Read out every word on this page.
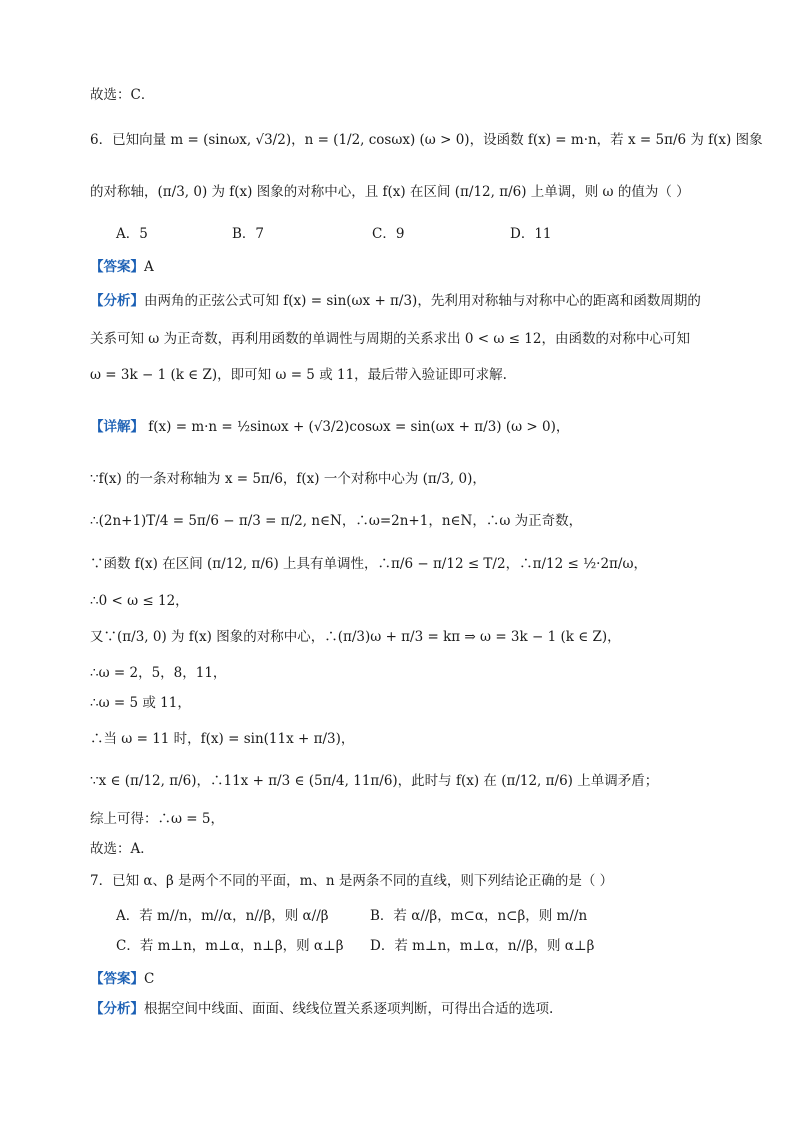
故选：C．
6．已知向量 m = (sinωx, √3/2)，n = (1/2, cosωx) (ω > 0)，设函数 f(x) = m·n，若 x = 5π/6 为 f(x) 图象
的对称轴，(π/3, 0) 为 f(x) 图象的对称中心，且 f(x) 在区间 (π/12, π/6) 上单调，则 ω 的值为（ ）
A．5	B．7	C．9	D．11
【答案】A
【分析】由两角的正弦公式可知 f(x) = sin(ωx + π/3)，先利用对称轴与对称中心的距离和函数周期的
关系可知 ω 为正奇数，再利用函数的单调性与周期的关系求出 0 < ω ≤ 12，由函数的对称中心可知
ω = 3k − 1 (k ∈ Z)，即可知 ω = 5 或 11，最后带入验证即可求解.
【详解】 f(x) = m·n = ½sinωx + (√3/2)cosωx = sin(ωx + π/3) (ω > 0)，
∵f(x) 的一条对称轴为 x = 5π/6，f(x) 一个对称中心为 (π/3, 0)，
∴(2n+1)T/4 = 5π/6 − π/3 = π/2, n∈N，∴ω=2n+1，n∈N，∴ω 为正奇数，
∵函数 f(x) 在区间 (π/12, π/6) 上具有单调性，∴π/6 − π/12 ≤ T/2，∴π/12 ≤ ½·2π/ω，
∴0 < ω ≤ 12，
又∵(π/3, 0) 为 f(x) 图象的对称中心，∴(π/3)ω + π/3 = kπ ⇒ ω = 3k − 1 (k ∈ Z)，
∴ω = 2，5，8，11，
∴ω = 5 或 11，
∴当 ω = 11 时，f(x) = sin(11x + π/3)，
∵x ∈ (π/12, π/6)，∴11x + π/3 ∈ (5π/4, 11π/6)，此时与 f(x) 在 (π/12, π/6) 上单调矛盾；
综上可得：∴ω = 5，
故选：A．
7．已知 α、β 是两个不同的平面，m、n 是两条不同的直线，则下列结论正确的是（ ）
A．若 m//n，m//α，n//β，则 α//β	B．若 α//β，m⊂α，n⊂β，则 m//n
C．若 m⊥n，m⊥α，n⊥β，则 α⊥β D．若 m⊥n，m⊥α，n//β，则 α⊥β
【答案】C
【分析】根据空间中线面、面面、线线位置关系逐项判断，可得出合适的选项.
